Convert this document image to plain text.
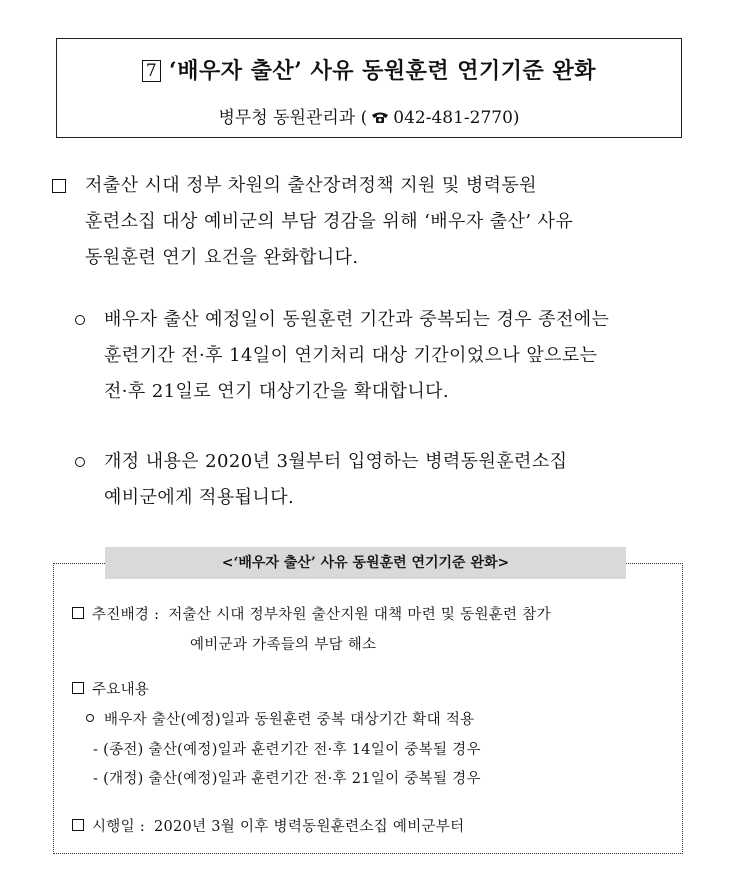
7 ‘배우자 출산’ 사유 동원훈련 연기기준 완화
병무청 동원관리과 ( 042-481-2770)
저출산 시대 정부 차원의 출산장려정책 지원 및 병력동원
훈련소집 대상 예비군의 부담 경감을 위해 ‘배우자 출산’ 사유
동원훈련 연기 요건을 완화합니다.
배우자 출산 예정일이 동원훈련 기간과 중복되는 경우 종전에는
훈련기간 전·후 14일이 연기처리 대상 기간이었으나 앞으로는
전·후 21일로 연기 대상기간을 확대합니다.
개정 내용은 2020년 3월부터 입영하는 병력동원훈련소집
예비군에게 적용됩니다.
<‘배우자 출산’ 사유 동원훈련 연기기준 완화>
추진배경 : 저출산 시대 정부차원 출산지원 대책 마련 및 동원훈련 참가
예비군과 가족들의 부담 해소
주요내용
배우자 출산(예정)일과 동원훈련 중복 대상기간 확대 적용
- (종전) 출산(예정)일과 훈련기간 전·후 14일이 중복될 경우
- (개정) 출산(예정)일과 훈련기간 전·후 21일이 중복될 경우
시행일 : 2020년 3월 이후 병력동원훈련소집 예비군부터
